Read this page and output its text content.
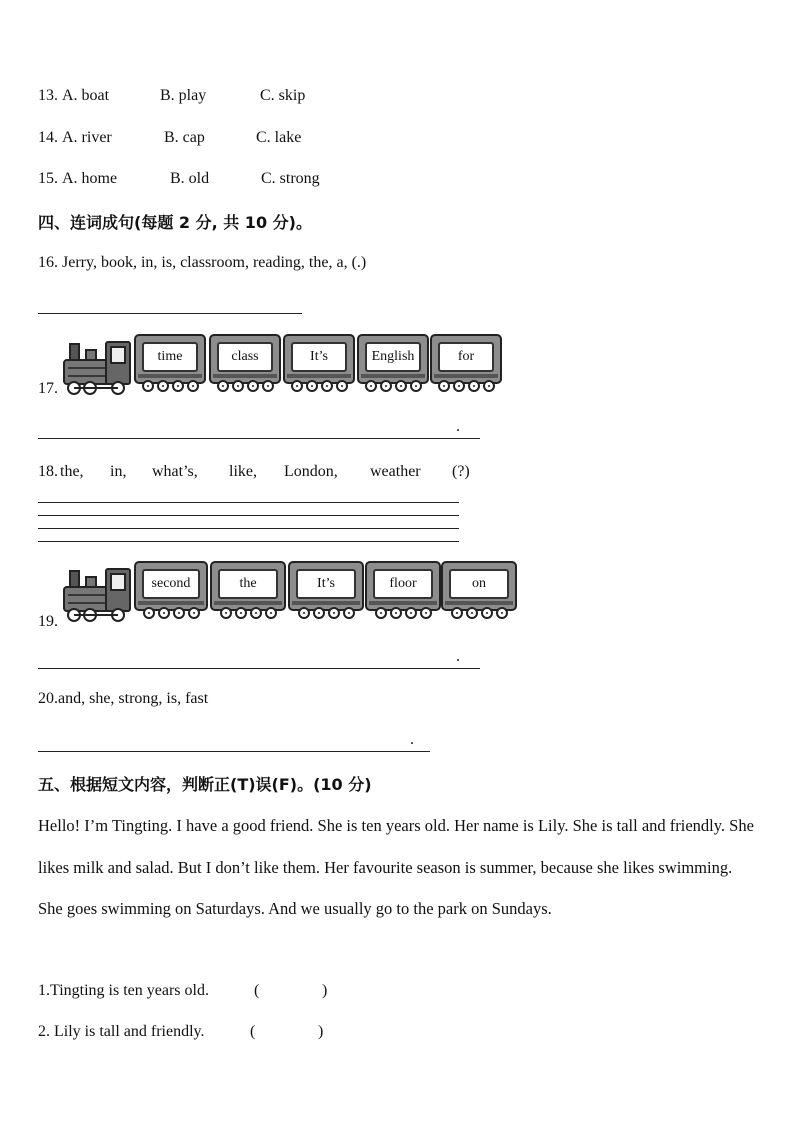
13. A. boat	B. play	C. skip
14. A. river	B. cap	C. lake
15. A. home	B. old	C. strong
四、连词成句(每题 2 分, 共 10 分)。
16. Jerry, book, in, is, classroom, reading, the, a, (.)
17.
time	class	It’s	English	for
.
18. the, in, what’s, like, London, weather (?)
19.
second	the	It’s	floor	on
.
20.and, she, strong, is, fast
.
五、根据短文内容，判断正(T)误(F)。(10 分)
Hello! I’m Tingting. I have a good friend. She is ten years old. Her name is Lily. She is tall and friendly. She likes milk and salad. But I don’t like them. Her favourite season is summer, because she likes swimming. She goes swimming on Saturdays. And we usually go to the park on Sundays.
1.Tingting is ten years old.	(	)
2. Lily is tall and friendly.	(	)
